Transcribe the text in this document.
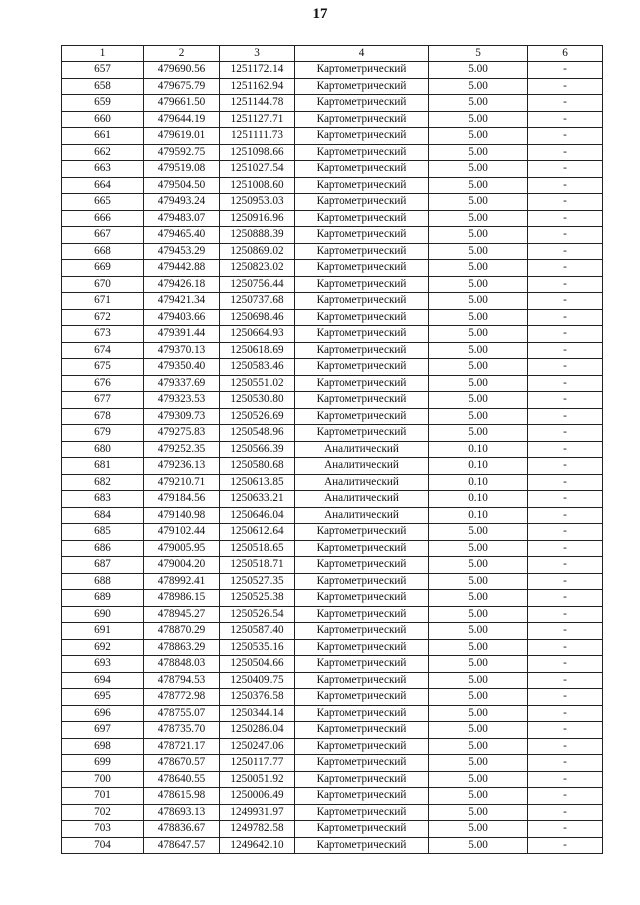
17
1	2	3	4	5	6
657	479690.56	1251172.14	Картометрический	5.00	-
658	479675.79	1251162.94	Картометрический	5.00	-
659	479661.50	1251144.78	Картометрический	5.00	-
660	479644.19	1251127.71	Картометрический	5.00	-
661	479619.01	1251111.73	Картометрический	5.00	-
662	479592.75	1251098.66	Картометрический	5.00	-
663	479519.08	1251027.54	Картометрический	5.00	-
664	479504.50	1251008.60	Картометрический	5.00	-
665	479493.24	1250953.03	Картометрический	5.00	-
666	479483.07	1250916.96	Картометрический	5.00	-
667	479465.40	1250888.39	Картометрический	5.00	-
668	479453.29	1250869.02	Картометрический	5.00	-
669	479442.88	1250823.02	Картометрический	5.00	-
670	479426.18	1250756.44	Картометрический	5.00	-
671	479421.34	1250737.68	Картометрический	5.00	-
672	479403.66	1250698.46	Картометрический	5.00	-
673	479391.44	1250664.93	Картометрический	5.00	-
674	479370.13	1250618.69	Картометрический	5.00	-
675	479350.40	1250583.46	Картометрический	5.00	-
676	479337.69	1250551.02	Картометрический	5.00	-
677	479323.53	1250530.80	Картометрический	5.00	-
678	479309.73	1250526.69	Картометрический	5.00	-
679	479275.83	1250548.96	Картометрический	5.00	-
680	479252.35	1250566.39	Аналитический	0.10	-
681	479236.13	1250580.68	Аналитический	0.10	-
682	479210.71	1250613.85	Аналитический	0.10	-
683	479184.56	1250633.21	Аналитический	0.10	-
684	479140.98	1250646.04	Аналитический	0.10	-
685	479102.44	1250612.64	Картометрический	5.00	-
686	479005.95	1250518.65	Картометрический	5.00	-
687	479004.20	1250518.71	Картометрический	5.00	-
688	478992.41	1250527.35	Картометрический	5.00	-
689	478986.15	1250525.38	Картометрический	5.00	-
690	478945.27	1250526.54	Картометрический	5.00	-
691	478870.29	1250587.40	Картометрический	5.00	-
692	478863.29	1250535.16	Картометрический	5.00	-
693	478848.03	1250504.66	Картометрический	5.00	-
694	478794.53	1250409.75	Картометрический	5.00	-
695	478772.98	1250376.58	Картометрический	5.00	-
696	478755.07	1250344.14	Картометрический	5.00	-
697	478735.70	1250286.04	Картометрический	5.00	-
698	478721.17	1250247.06	Картометрический	5.00	-
699	478670.57	1250117.77	Картометрический	5.00	-
700	478640.55	1250051.92	Картометрический	5.00	-
701	478615.98	1250006.49	Картометрический	5.00	-
702	478693.13	1249931.97	Картометрический	5.00	-
703	478836.67	1249782.58	Картометрический	5.00	-
704	478647.57	1249642.10	Картометрический	5.00	-
